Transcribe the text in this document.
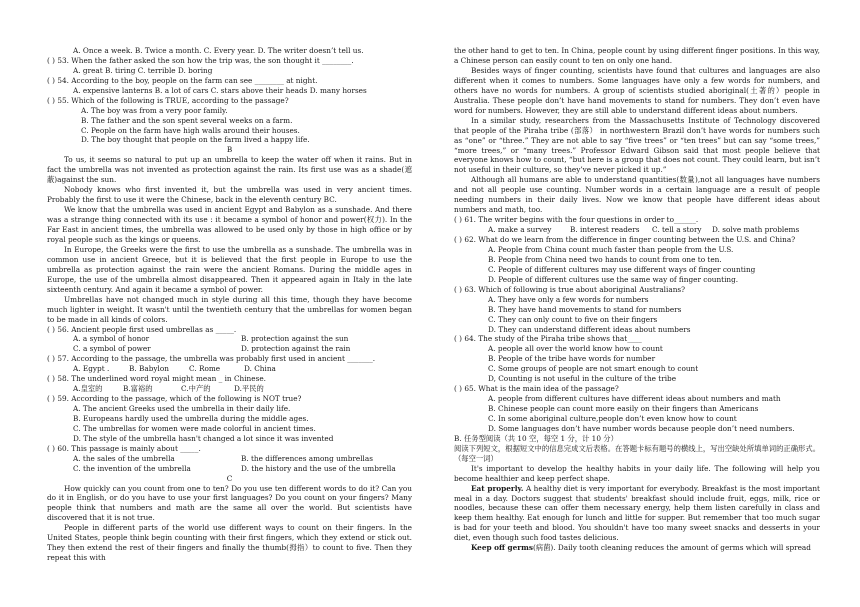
A. Once a week. B. Twice a month. C. Every year. D. The writer doesn’t tell us.
( ) 53. When the father asked the son how the trip was, the son thought it ________.
A. great B. tiring C. terrible D. boring
( ) 54. According to the boy, people on the farm can see ________ at night.
A. expensive lanterns B. a lot of cars C. stars above their heads D. many horses
( ) 55. Which of the following is TRUE, according to the passage?
A. The boy was from a very poor family.
B. The father and the son spent several weeks on a farm.
C. People on the farm have high walls around their houses.
D. The boy thought that people on the farm lived a happy life.
B
To us, it seems so natural to put up an umbrella to keep the water off when it rains. But in fact the umbrella was not invented as protection against the rain. Its first use was as a shade(遮蔽)against the sun.
Nobody knows who first invented it, but the umbrella was used in very ancient times. Probably the first to use it were the Chinese, back in the eleventh century BC.
We know that the umbrella was used in ancient Egypt and Babylon as a sunshade. And there was a strange thing connected with its use : it became a symbol of honor and power(权力). In the Far East in ancient times, the umbrella was allowed to be used only by those in high office or by royal people such as the kings or queens.
In Europe, the Greeks were the first to use the umbrella as a sunshade. The umbrella was in common use in ancient Greece, but it is believed that the first people in Europe to use the umbrella as protection against the rain were the ancient Romans. During the middle ages in Europe, the use of the umbrella almost disappeared. Then it appeared again in Italy in the late sixteenth century. And again it became a symbol of power.
Umbrellas have not changed much in style during all this time, though they have become much lighter in weight. It wasn't until the twentieth century that the umbrellas for women began to be made in all kinds of colors.
( ) 56. Ancient people first used umbrellas as _____.
A. a symbol of honor	B. protection against the sun
C. a symbol of power	D. protection against the rain
( ) 57. According to the passage, the umbrella was probably first used in ancient _______.
A. Egypt .	B. Babylon	C. Rome	D. China
( ) 58. The underlined word royal might mean _ in Chinese.
A.皇室的	B.富裕的	C.中产的	D.平民的
( ) 59. According to the passage, which of the following is NOT true?
A. The ancient Greeks used the umbrella in their daily life.
B. Europeans hardly used the umbrella during the middle ages.
C. The umbrellas for women were made colorful in ancient times.
D. The style of the umbrella hasn't changed a lot since it was invented
( ) 60. This passage is mainly about _____.
A. the sales of the umbrella	B. the differences among umbrellas
C. the invention of the umbrella	D. the history and the use of the umbrella
C
How quickly can you count from one to ten? Do you use ten different words to do it? Can you do it in English, or do you have to use your first languages? Do you count on your fingers? Many people think that numbers and math are the same all over the world. But scientists have discovered that it is not true.
People in different parts of the world use different ways to count on their fingers. In the United States, people think begin counting with their first fingers, which they extend or stick out. They then extend the rest of their fingers and finally the thumb(拇指）to count to five. Then they repeat this with
the other hand to get to ten. In China, people count by using different finger positions. In this way, a Chinese person can easily count to ten on only one hand.
Besides ways of finger counting, scientists have found that cultures and languages are also different when it comes to numbers. Some languages have only a few words for numbers, and others have no words for numbers. A group of scientists studied aboriginal(土著的）people in Australia. These people don’t have hand movements to stand for numbers. They don’t even have word for numbers. However, they are still able to understand different ideas about numbers.
In a similar study, researchers from the Massachusetts Institute of Technology discovered that people of the Piraha tribe (部落） in northwestern Brazil don’t have words for numbers such as “one” or “three.” They are not able to say “five trees” or “ten trees” but can say “some trees,” “more trees,” or “many trees.” Professor Edward Gibson said that most people believe that everyone knows how to count, “but here is a group that does not count. They could learn, but isn’t not useful in their culture, so they’ve never picked it up.”
Although all humans are able to understand quantities(数量),not all languages have numbers and not all people use counting. Number words in a certain language are a result of people needing numbers in their daily lives. Now we know that people have different ideas about numbers and math, too.
( ) 61. The writer begins with the four questions in order to______.
A. make a survey	B. interest readers C. tell a story D. solve math problems
( ) 62. What do we learn from the difference in finger counting between the U.S. and China?
A. People from China count much faster than people from the U.S.
B. People from China need two hands to count from one to ten.
C. People of different cultures may use different ways of finger counting
D. People of different cultures use the same way of finger counting.
( ) 63. Which of following is true about aboriginal Australians?
A. They have only a few words for numbers
B. They have hand movements to stand for numbers
C. They can only count to five on their fingers
D. They can understand different ideas about numbers
( ) 64. The study of the Piraha tribe shows that____
A. people all over the world know how to count
B. People of the tribe have words for number
C. Some groups of people are not smart enough to count
D, Counting is not useful in the culture of the tribe
( ) 65. What is the main idea of the passage?
A. people from different cultures have different ideas about numbers and math
B. Chinese people can count more easily on their fingers than Americans
C. In some aboriginal culture,people don’t even know how to count
D. Some languages don’t have number words because people don’t need numbers.
B. 任务型阅读（共 10 空，每空 1 分，计 10 分）
阅读下列短文，根据短文中的信息完成文后表格。在答题卡标有题号的横线上，写出空缺处所填单词的正确形式。（每空一词）
It's important to develop the healthy habits in your daily life. The following will help you become healthier and keep perfect shape.
Eat properly. A healthy diet is very important for everybody. Breakfast is the most important meal in a day. Doctors suggest that students' breakfast should include fruit, eggs, milk, rice or noodles, because these can offer them necessary energy, help them listen carefully in class and keep them healthy. Eat enough for lunch and little for supper. But remember that too much sugar is bad for your teeth and blood. You shouldn't have too many sweet snacks and desserts in your diet, even though such food tastes delicious.
Keep off germs(病菌). Daily tooth cleaning reduces the amount of germs which will spread
